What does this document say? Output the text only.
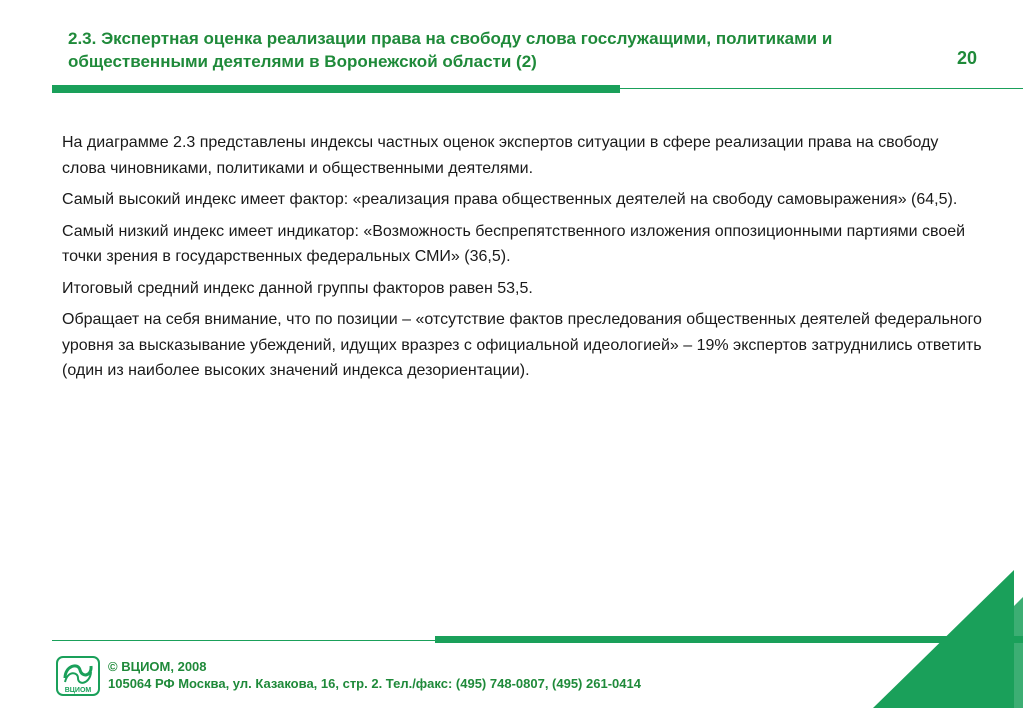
2.3. Экспертная оценка реализации права на свободу слова госслужащими, политиками и общественными деятелями в Воронежской области (2)	20

На диаграмме 2.3 представлены индексы частных оценок экспертов ситуации в сфере реализации права на свободу слова чиновниками, политиками и общественными деятелями.

Самый высокий индекс имеет фактор: «реализация права общественных деятелей на свободу самовыражения» (64,5).

Самый низкий индекс имеет индикатор: «Возможность беспрепятственного изложения оппозиционными партиями своей точки зрения в государственных федеральных СМИ» (36,5).

Итоговый средний индекс данной группы факторов равен 53,5.

Обращает на себя внимание, что по позиции – «отсутствие фактов преследования общественных деятелей федерального уровня за высказывание убеждений, идущих вразрез с официальной идеологией» – 19% экспертов затруднились ответить (один из наиболее высоких значений индекса дезориентации).

ВЦИОМ
© ВЦИОМ, 2008
105064 РФ Москва, ул. Казакова, 16, стр. 2. Тел./факс: (495) 748-0807, (495) 261-0414
